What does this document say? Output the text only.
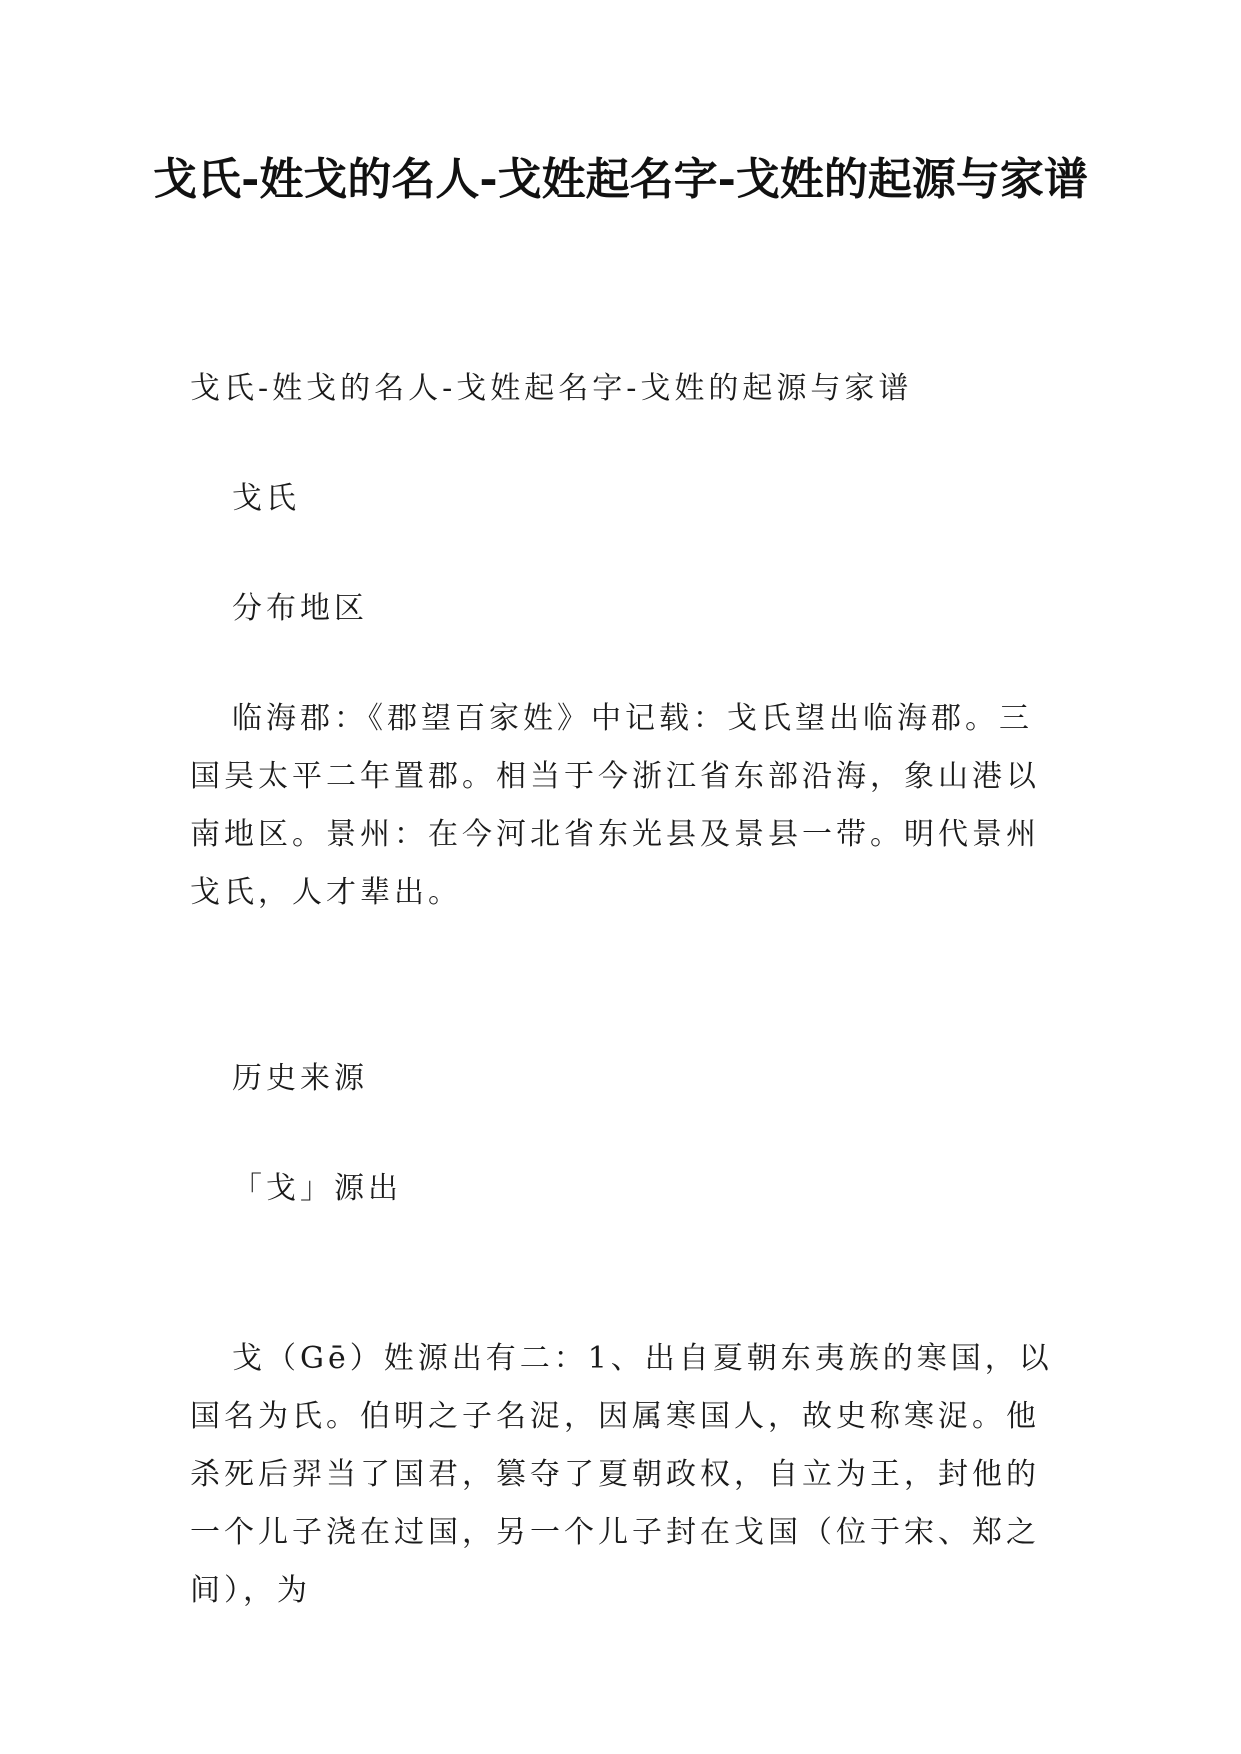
戈氏-姓戈的名人-戈姓起名字-戈姓的起源与家谱

戈氏-姓戈的名人-戈姓起名字-戈姓的起源与家谱

戈氏

分布地区

临海郡：《郡望百家姓》中记载：戈氏望出临海郡。三国吴太平二年置郡。相当于今浙江省东部沿海，象山港以南地区。景州：在今河北省东光县及景县一带。明代景州戈氏，人才辈出。

历史来源

「戈」源出

戈（Gē）姓源出有二：1、出自夏朝东夷族的寒国，以国名为氏。伯明之子名浞，因属寒国人，故史称寒浞。他杀死后羿当了国君，篡夺了夏朝政权，自立为王，封他的一个儿子浇在过国，另一个儿子封在戈国（位于宋、郑之间），为
